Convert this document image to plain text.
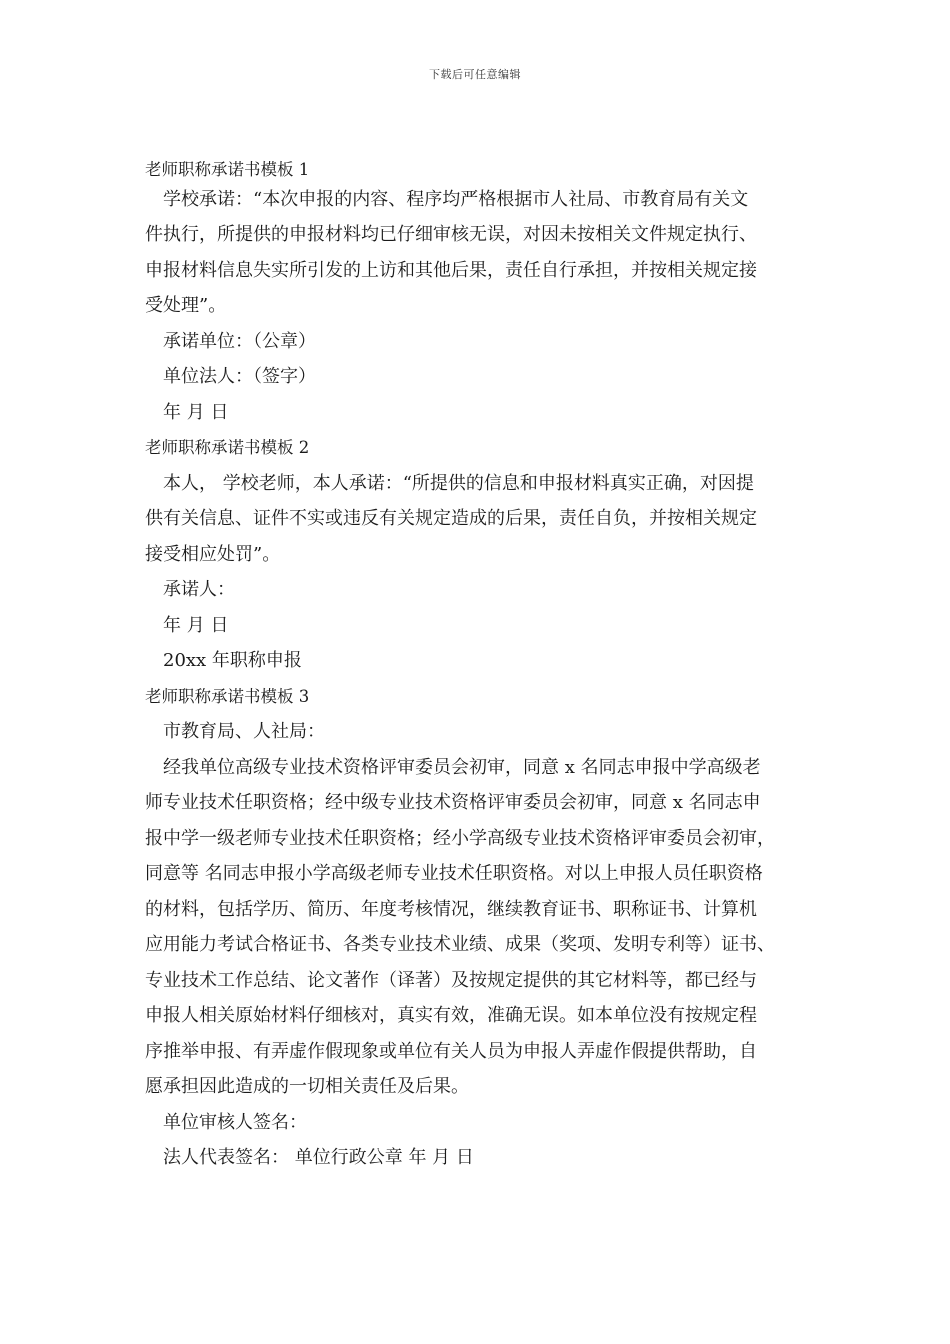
下载后可任意编辑
老师职称承诺书模板 1
学校承诺：“本次申报的内容、程序均严格根据市人社局、市教育局有关文
件执行，所提供的申报材料均已仔细审核无误，对因未按相关文件规定执行、
申报材料信息失实所引发的上访和其他后果，责任自行承担，并按相关规定接
受处理”。
承诺单位：（公章）
单位法人：（签字）
年 月 日
老师职称承诺书模板 2
本人， 学校老师，本人承诺：“所提供的信息和申报材料真实正确，对因提
供有关信息、证件不实或违反有关规定造成的后果，责任自负，并按相关规定
接受相应处罚”。
承诺人：
年 月 日
20xx 年职称申报
老师职称承诺书模板 3
市教育局、人社局：
经我单位高级专业技术资格评审委员会初审，同意 x 名同志申报中学高级老
师专业技术任职资格；经中级专业技术资格评审委员会初审，同意 x 名同志申
报中学一级老师专业技术任职资格；经小学高级专业技术资格评审委员会初审，
同意等 名同志申报小学高级老师专业技术任职资格。对以上申报人员任职资格
的材料，包括学历、简历、年度考核情况，继续教育证书、职称证书、计算机
应用能力考试合格证书、各类专业技术业绩、成果（奖项、发明专利等）证书、
专业技术工作总结、论文著作（译著）及按规定提供的其它材料等，都已经与
申报人相关原始材料仔细核对，真实有效，准确无误。如本单位没有按规定程
序推举申报、有弄虚作假现象或单位有关人员为申报人弄虚作假提供帮助，自
愿承担因此造成的一切相关责任及后果。
单位审核人签名：
法人代表签名： 单位行政公章 年 月 日
